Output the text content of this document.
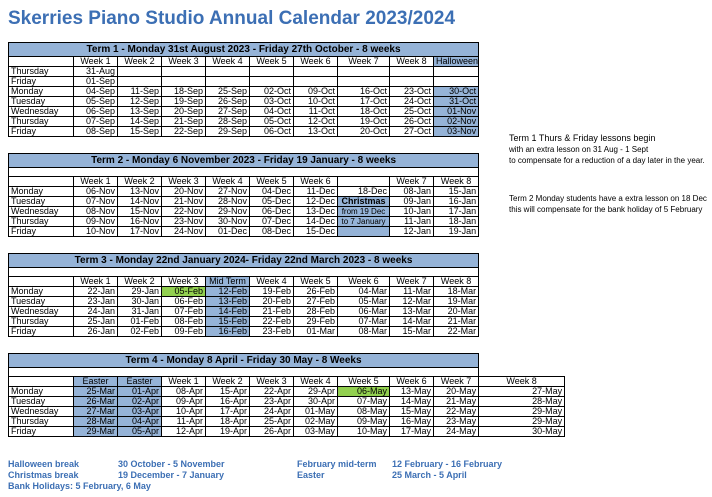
Skerries Piano Studio Annual Calendar 2023/2024
Term 1 - Monday 31st August 2023 - Friday 27th October - 8 weeks									
	Week 1	Week 2	Week 3	Week 4	Week 5	Week 6	Week 7	Week 8	Halloween
Thursday	31-Aug								
Friday	01-Sep								
Monday	04-Sep	11-Sep	18-Sep	25-Sep	02-Oct	09-Oct	16-Oct	23-Oct	30-Oct
Tuesday	05-Sep	12-Sep	19-Sep	26-Sep	03-Oct	10-Oct	17-Oct	24-Oct	31-Oct
Wednesday	06-Sep	13-Sep	20-Sep	27-Sep	04-Oct	11-Oct	18-Oct	25-Oct	01-Nov
Thursday	07-Sep	14-Sep	21-Sep	28-Sep	05-Oct	12-Oct	19-Oct	26-Oct	02-Nov
Friday	08-Sep	15-Sep	22-Sep	29-Sep	06-Oct	13-Oct	20-Oct	27-Oct	03-Nov
Term 2 - Monday 6 November 2023 - Friday 19 January - 8 weeks									

	Week 1	Week 2	Week 3	Week 4	Week 5	Week 6		Week 7	Week 8
Monday	06-Nov	13-Nov	20-Nov	27-Nov	04-Dec	11-Dec	18-Dec	08-Jan	15-Jan
Tuesday	07-Nov	14-Nov	21-Nov	28-Nov	05-Dec	12-Dec	Christmas	09-Jan	16-Jan
Wednesday	08-Nov	15-Nov	22-Nov	29-Nov	06-Dec	13-Dec	from 19 Dec	10-Jan	17-Jan
Thursday	09-Nov	16-Nov	23-Nov	30-Nov	07-Dec	14-Dec	to 7 January	11-Jan	18-Jan
Friday	10-Nov	17-Nov	24-Nov	01-Dec	08-Dec	15-Dec		12-Jan	19-Jan
Term 3 - Monday 22nd January 2024- Friday 22nd March 2023 - 8 weeks									

	Week 1	Week 2	Week 3	Mid Term	Week 4	Week 5	Week 6	Week 7	Week 8
Monday	22-Jan	29-Jan	05-Feb	12-Feb	19-Feb	26-Feb	04-Mar	11-Mar	18-Mar
Tuesday	23-Jan	30-Jan	06-Feb	13-Feb	20-Feb	27-Feb	05-Mar	12-Mar	19-Mar
Wednesday	24-Jan	31-Jan	07-Feb	14-Feb	21-Feb	28-Feb	06-Mar	13-Mar	20-Mar
Thursday	25-Jan	01-Feb	08-Feb	15-Feb	22-Feb	29-Feb	07-Mar	14-Mar	21-Mar
Friday	26-Jan	02-Feb	09-Feb	16-Feb	23-Feb	01-Mar	08-Mar	15-Mar	22-Mar
Term 4 - Monday 8 April - Friday 30 May - 8 Weeks										

	Easter	Easter	Week 1	Week 2	Week 3	Week 4	Week 5	Week 6	Week 7	Week 8
Monday	25-Mar	01-Apr	08-Apr	15-Apr	22-Apr	29-Apr	06-May	13-May	20-May	27-May
Tuesday	26-Mar	02-Apr	09-Apr	16-Apr	23-Apr	30-Apr	07-May	14-May	21-May	28-May
Wednesday	27-Mar	03-Apr	10-Apr	17-Apr	24-Apr	01-May	08-May	15-May	22-May	29-May
Thursday	28-Mar	04-Apr	11-Apr	18-Apr	25-Apr	02-May	09-May	16-May	23-May	29-May
Friday	29-Mar	05-Apr	12-Apr	19-Apr	26-Apr	03-May	10-May	17-May	24-May	30-May
Term 1 Thurs & Friday lessons begin
with an extra lesson on 31 Aug - 1 Sept
to compensate for a reduction of a day later in the year.
Term 2 Monday students have a extra lesson on 18 Dec
this will compensate for the bank holiday of 5 February
Halloween break	30 October - 5 November
Christmas break	19 December - 7 January
Bank Holidays: 5 February, 6 May
February mid-term 12 February - 16 February
Easter	25 March - 5 April
